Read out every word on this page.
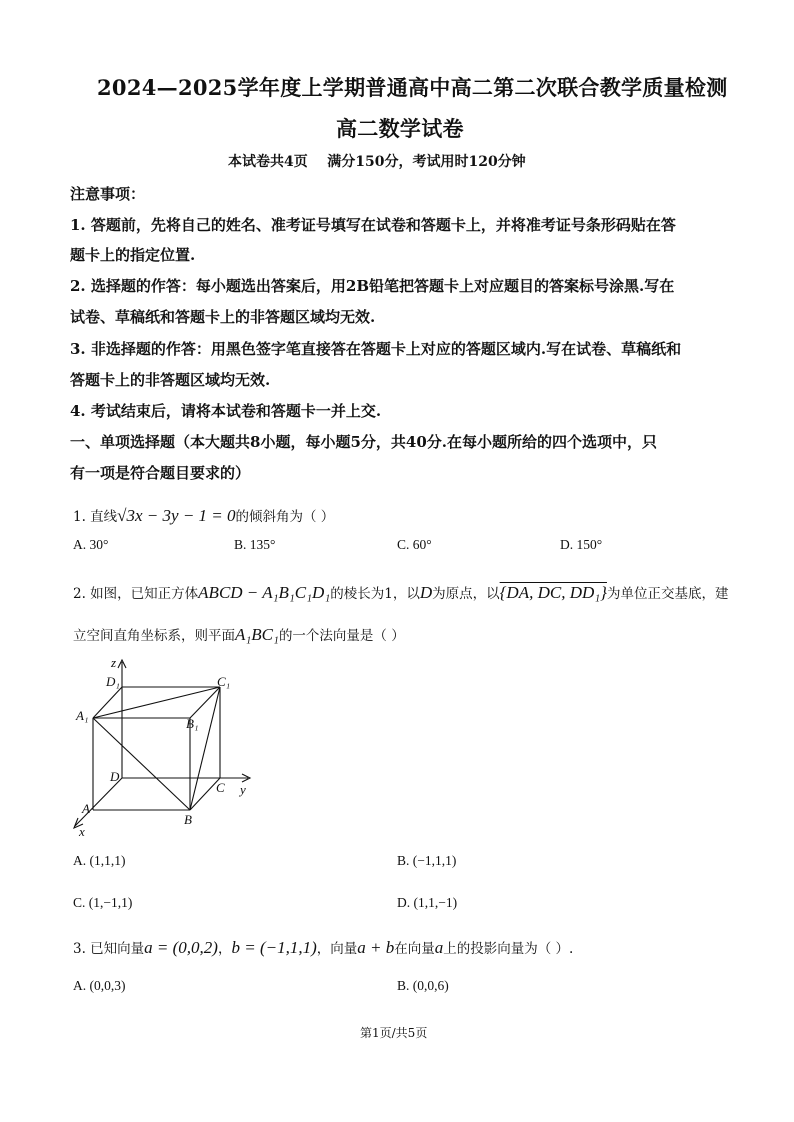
2024—2025学年度上学期普通高中高二第二次联合教学质量检测
高二数学试卷
本试卷共4页    满分150分，考试用时120分钟
注意事项：
1. 答题前，先将自己的姓名、准考证号填写在试卷和答题卡上，并将准考证号条形码贴在答
题卡上的指定位置.
2. 选择题的作答：每小题选出答案后，用2B铅笔把答题卡上对应题目的答案标号涂黑.写在
试卷、草稿纸和答题卡上的非答题区域均无效.
3. 非选择题的作答：用黑色签字笔直接答在答题卡上对应的答题区域内.写在试卷、草稿纸和
答题卡上的非答题区域均无效.
4. 考试结束后，请将本试卷和答题卡一并上交.
一、单项选择题（本大题共8小题，每小题5分，共40分.在每小题所给的四个选项中，只
有一项是符合题目要求的）
1. 直线√3x − 3y − 1 = 0的倾斜角为（ ）
A. 30°	B. 135°	C. 60°	D. 150°
2. 如图，已知正方体ABCD − A₁B₁C₁D₁的棱长为1，以D为原点，以{DA, DC, DD₁}为单位正交基底，建
立空间直角坐标系，则平面A₁BC₁的一个法向量是（ ）
z
y
x
D₁	C₁
A₁
B₁
D
C
A
B
A. (1,1,1)	B. (−1,1,1)
C. (1,−1,1)	D. (1,1,−1)
3. 已知向量a = (0,0,2)，b = (−1,1,1)，向量a + b在向量a上的投影向量为（ ）.
A. (0,0,3)	B. (0,0,6)
第1页/共5页
